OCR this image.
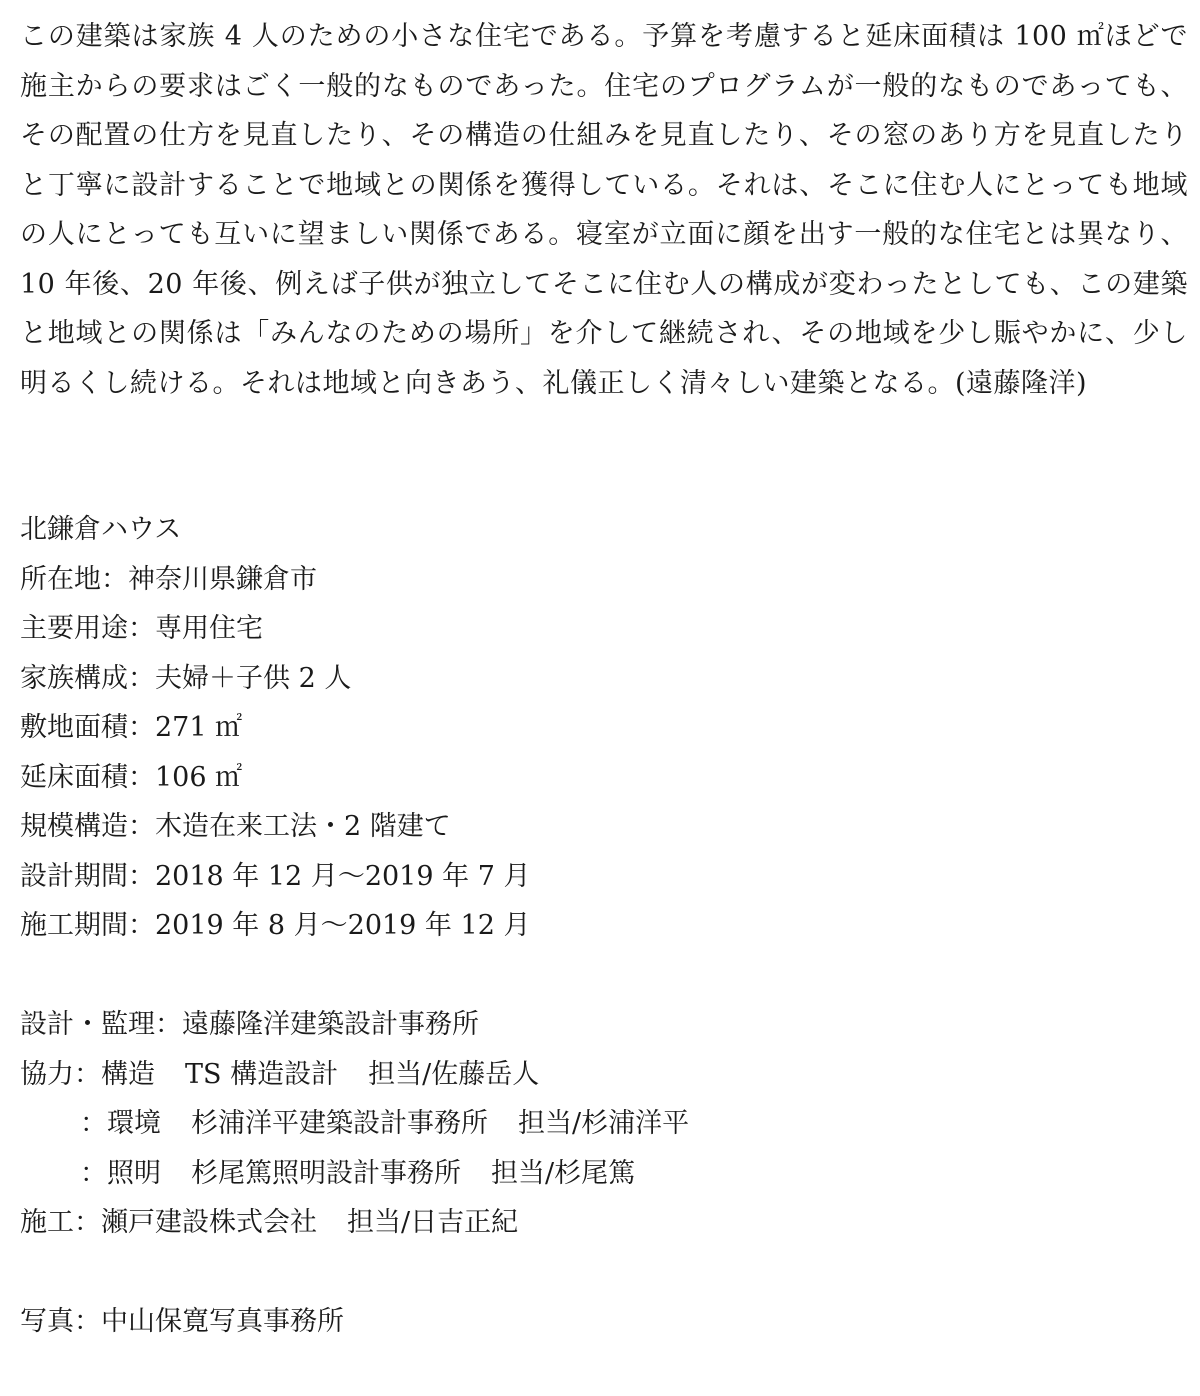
この建築は家族 4 人のための小さな住宅である。予算を考慮すると延床面積は 100 ㎡ほどで施主からの要求はごく一般的なものであった。住宅のプログラムが一般的なものであっても、その配置の仕方を見直したり、その構造の仕組みを見直したり、その窓のあり方を見直したりと丁寧に設計することで地域との関係を獲得している。それは、そこに住む人にとっても地域の人にとっても互いに望ましい関係である。寝室が立面に顔を出す一般的な住宅とは異なり、10 年後、20 年後、例えば子供が独立してそこに住む人の構成が変わったとしても、この建築と地域との関係は「みんなのための場所」を介して継続され、その地域を少し賑やかに、少し明るくし続ける。それは地域と向きあう、礼儀正しく清々しい建築となる。(遠藤隆洋)

北鎌倉ハウス
所在地：神奈川県鎌倉市
主要用途：専用住宅
家族構成：夫婦＋子供 2 人
敷地面積：271 ㎡
延床面積：106 ㎡
規模構造：木造在来工法・2 階建て
設計期間：2018 年 12 月〜2019 年 7 月
施工期間：2019 年 8 月〜2019 年 12 月
設計・監理：遠藤隆洋建築設計事務所
協力：構造 TS 構造設計 担当/佐藤岳人
：環境 杉浦洋平建築設計事務所 担当/杉浦洋平
：照明 杉尾篤照明設計事務所 担当/杉尾篤
施工：瀬戸建設株式会社 担当/日吉正紀
写真：中山保寛写真事務所
